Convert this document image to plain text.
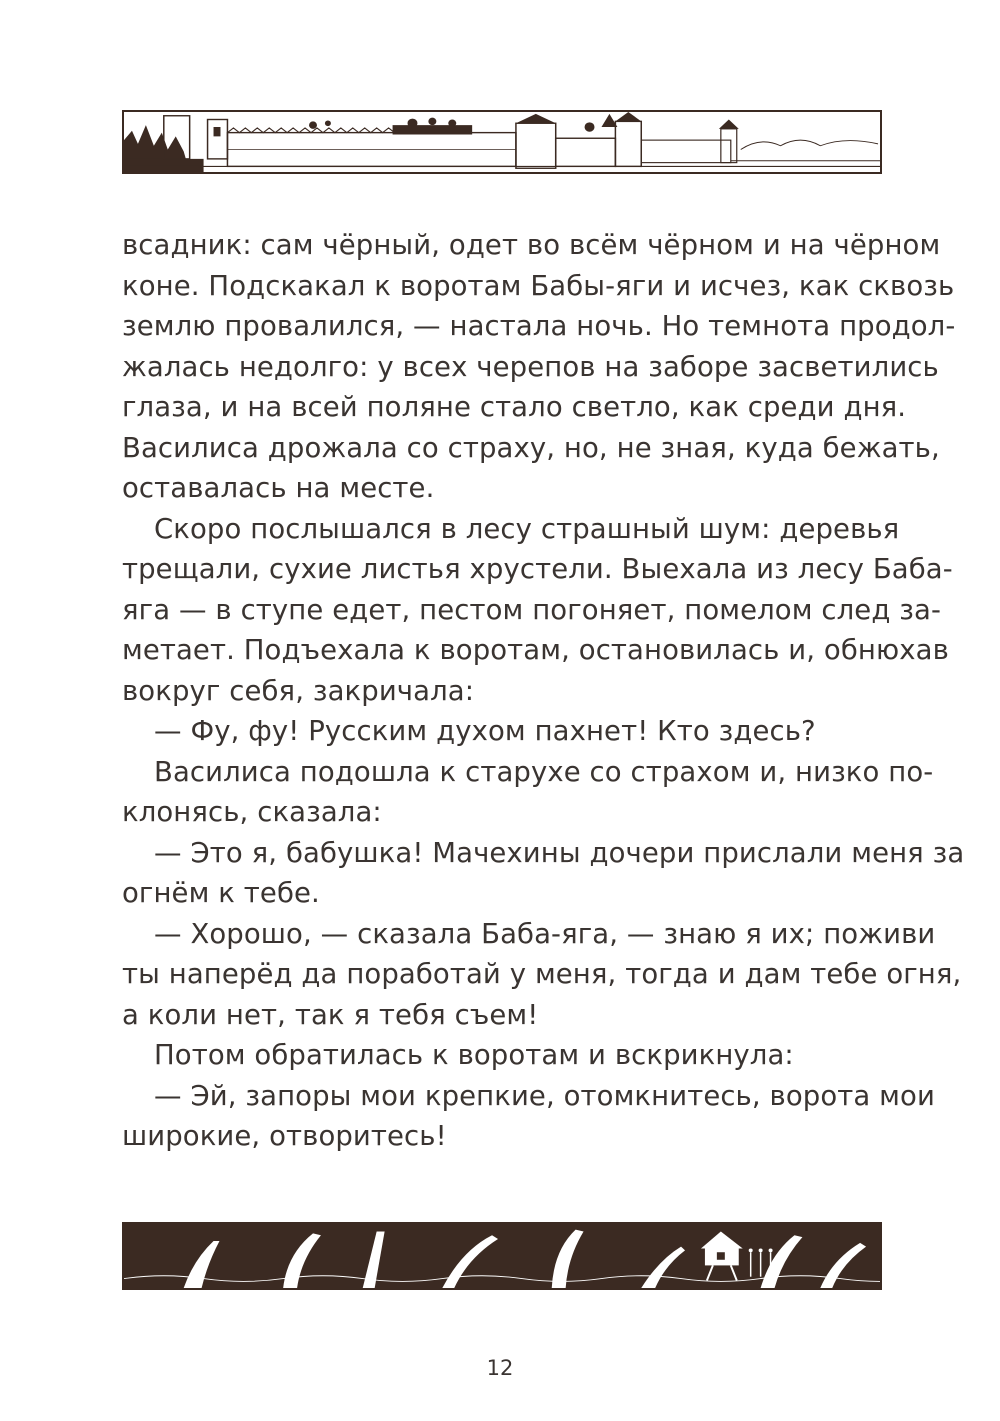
всадник: сам чёрный, одет во всём чёрном и на чёрном
коне. Подскакал к воротам Бабы-яги и исчез, как сквозь
землю провалился, — настала ночь. Но темнота продол-
жалась недолго: у всех черепов на заборе засветились
глаза, и на всей поляне стало светло, как среди дня.
Василиса дрожала со страху, но, не зная, куда бежать,
оставалась на месте.
Скоро послышался в лесу страшный шум: деревья
трещали, сухие листья хрустели. Выехала из лесу Баба-
яга — в ступе едет, пестом погоняет, помелом след за-
метает. Подъехала к воротам, остановилась и, обнюхав
вокруг себя, закричала:
— Фу, фу! Русским духом пахнет! Кто здесь?
Василиса подошла к старухе со страхом и, низко по-
клонясь, сказала:
— Это я, бабушка! Мачехины дочери прислали меня за
огнём к тебе.
— Хорошо, — сказала Баба-яга, — знаю я их; поживи
ты наперёд да поработай у меня, тогда и дам тебе огня,
а коли нет, так я тебя съем!
Потом обратилась к воротам и вскрикнула:
— Эй, запоры мои крепкие, отомкнитесь, ворота мои
широкие, отворитесь!
12
